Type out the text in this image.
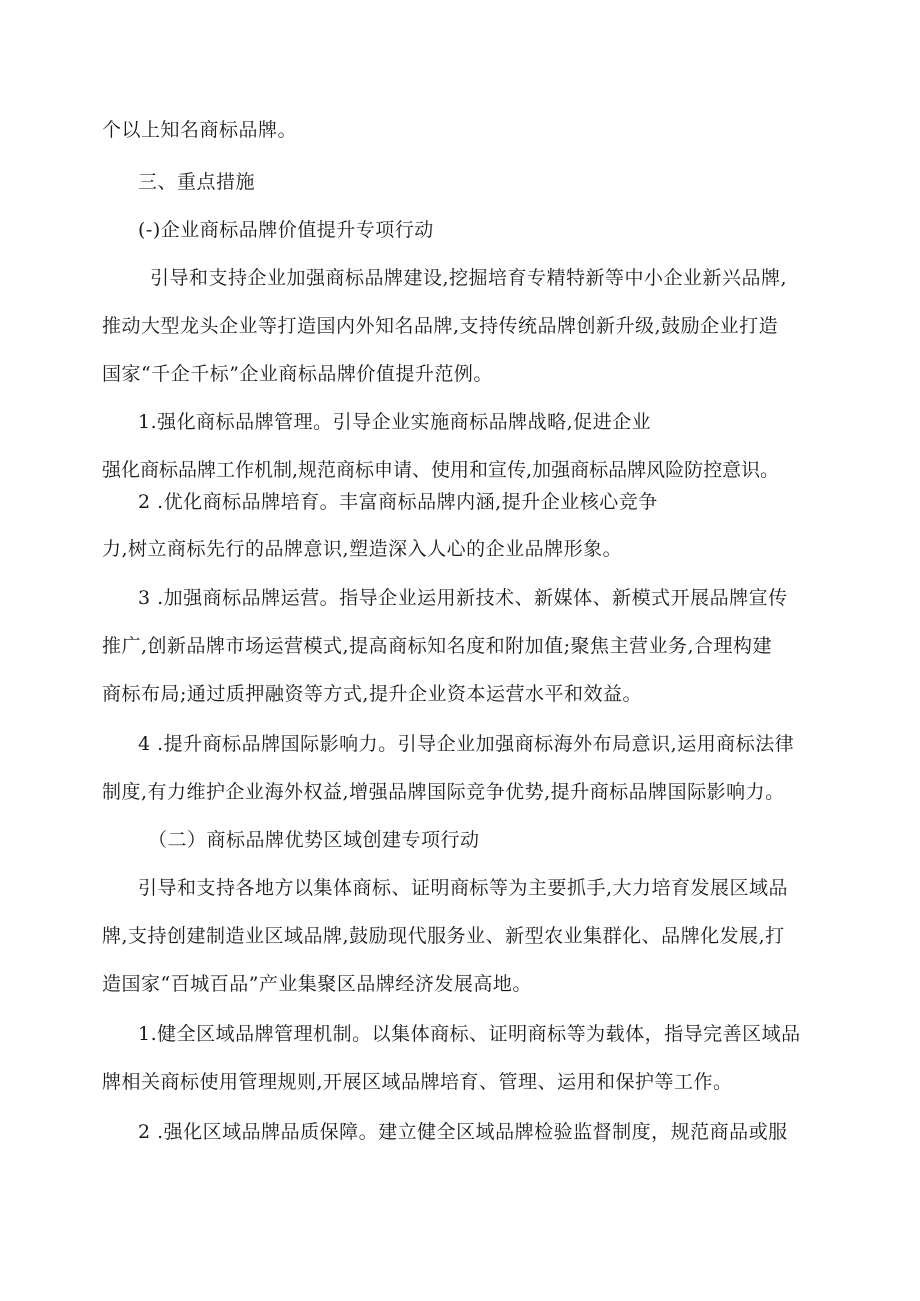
个以上知名商标品牌。
三、重点措施
(-)企业商标品牌价值提升专项行动
引导和支持企业加强商标品牌建设,挖掘培育专精特新等中小企业新兴品牌,
推动大型龙头企业等打造国内外知名品牌,支持传统品牌创新升级,鼓励企业打造
国家“千企千标”企业商标品牌价值提升范例。
1.强化商标品牌管理。引导企业实施商标品牌战略,促进企业
强化商标品牌工作机制,规范商标申请、使用和宣传,加强商标品牌风险防控意识。
2 .优化商标品牌培育。丰富商标品牌内涵,提升企业核心竞争
力,树立商标先行的品牌意识,塑造深入人心的企业品牌形象。
3 .加强商标品牌运营。指导企业运用新技术、新媒体、新模式开展品牌宣传
推广,创新品牌市场运营模式,提高商标知名度和附加值;聚焦主营业务,合理构建
商标布局;通过质押融资等方式,提升企业资本运营水平和效益。
4 .提升商标品牌国际影响力。引导企业加强商标海外布局意识,运用商标法律
制度,有力维护企业海外权益,增强品牌国际竞争优势,提升商标品牌国际影响力。
（二）商标品牌优势区域创建专项行动
引导和支持各地方以集体商标、证明商标等为主要抓手,大力培育发展区域品
牌,支持创建制造业区域品牌,鼓励现代服务业、新型农业集群化、品牌化发展,打
造国家“百城百品”产业集聚区品牌经济发展高地。
1.健全区域品牌管理机制。以集体商标、证明商标等为载体，指导完善区域品
牌相关商标使用管理规则,开展区域品牌培育、管理、运用和保护等工作。
2 .强化区域品牌品质保障。建立健全区域品牌检验监督制度，规范商品或服
